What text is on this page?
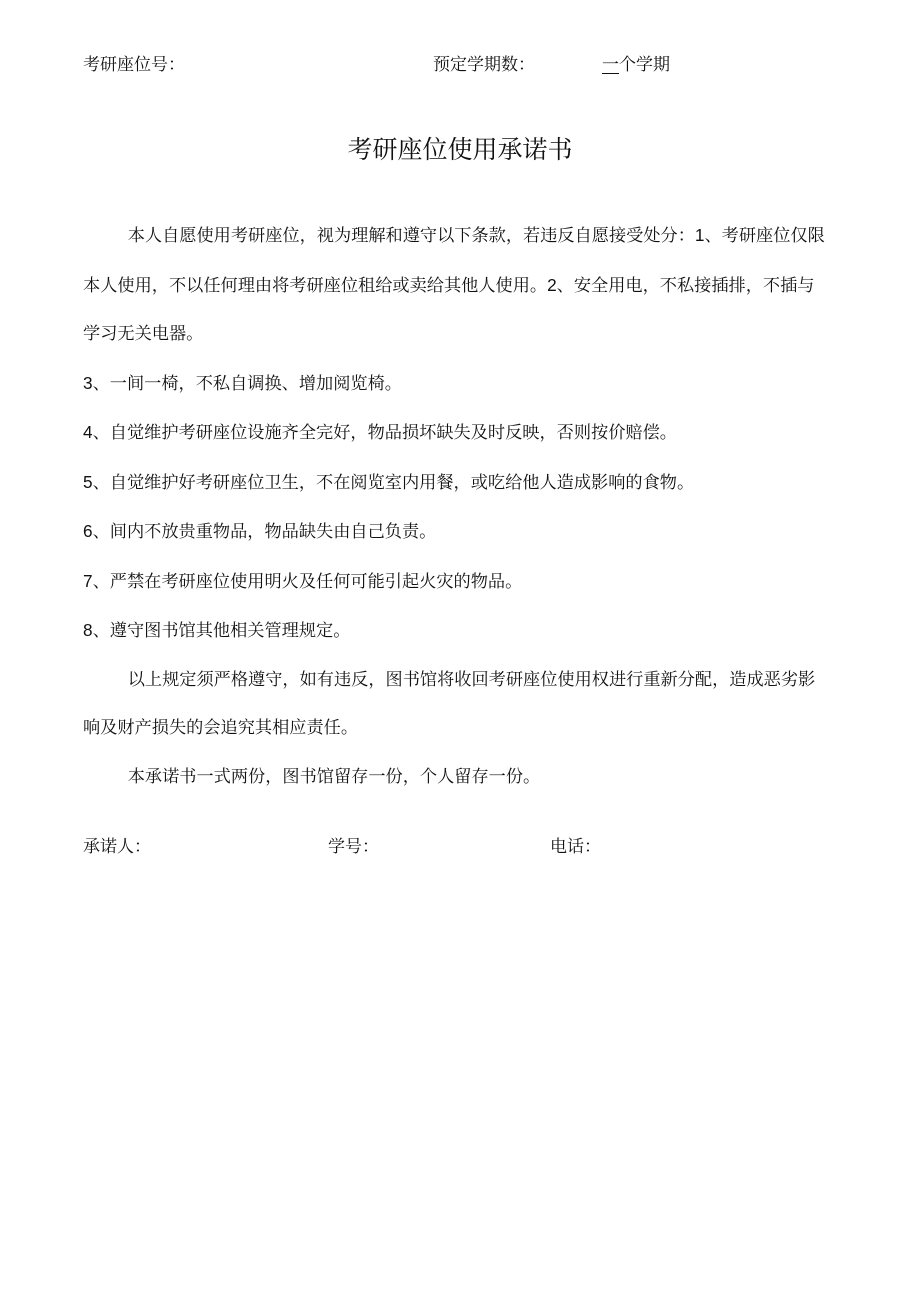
考研座位号：	预定学期数：	一个学期
考研座位使用承诺书

本人自愿使用考研座位，视为理解和遵守以下条款，若违反自愿接受处分：1、考研座位仅限本人使用，不以任何理由将考研座位租给或卖给其他人使用。2、安全用电，不私接插排，不插与学习无关电器。

3、一间一椅，不私自调换、增加阅览椅。

4、自觉维护考研座位设施齐全完好，物品损坏缺失及时反映，否则按价赔偿。

5、自觉维护好考研座位卫生，不在阅览室内用餐，或吃给他人造成影响的食物。

6、间内不放贵重物品，物品缺失由自己负责。

7、严禁在考研座位使用明火及任何可能引起火灾的物品。

8、遵守图书馆其他相关管理规定。

以上规定须严格遵守，如有违反，图书馆将收回考研座位使用权进行重新分配，造成恶劣影响及财产损失的会追究其相应责任。

本承诺书一式两份，图书馆留存一份，个人留存一份。

承诺人：	学号：	电话：
